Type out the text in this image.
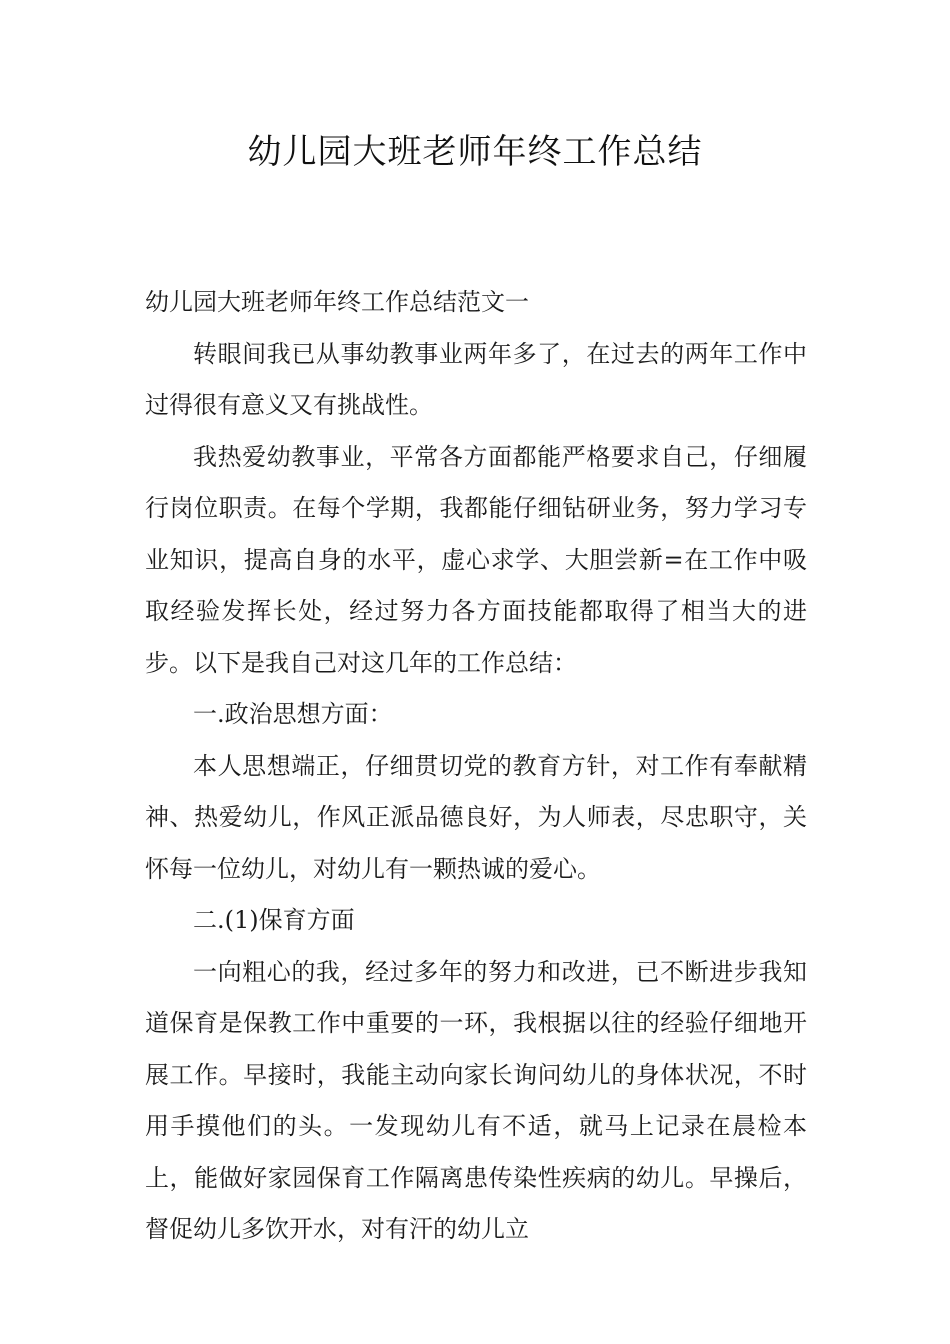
幼儿园大班老师年终工作总结

幼儿园大班老师年终工作总结范文一

转眼间我已从事幼教事业两年多了，在过去的两年工作中过得很有意义又有挑战性。

我热爱幼教事业，平常各方面都能严格要求自己，仔细履行岗位职责。在每个学期，我都能仔细钻研业务，努力学习专业知识，提高自身的水平，虚心求学、大胆尝新=在工作中吸取经验发挥长处，经过努力各方面技能都取得了相当大的进步。以下是我自己对这几年的工作总结：

一.政治思想方面：

本人思想端正，仔细贯切党的教育方针，对工作有奉献精神、热爱幼儿，作风正派品德良好，为人师表，尽忠职守，关怀每一位幼儿，对幼儿有一颗热诚的爱心。

二.(1)保育方面

一向粗心的我，经过多年的努力和改进，已不断进步我知道保育是保教工作中重要的一环，我根据以往的经验仔细地开展工作。早接时，我能主动向家长询问幼儿的身体状况，不时用手摸他们的头。一发现幼儿有不适，就马上记录在晨检本上，能做好家园保育工作隔离患传染性疾病的幼儿。早操后，督促幼儿多饮开水，对有汗的幼儿立
